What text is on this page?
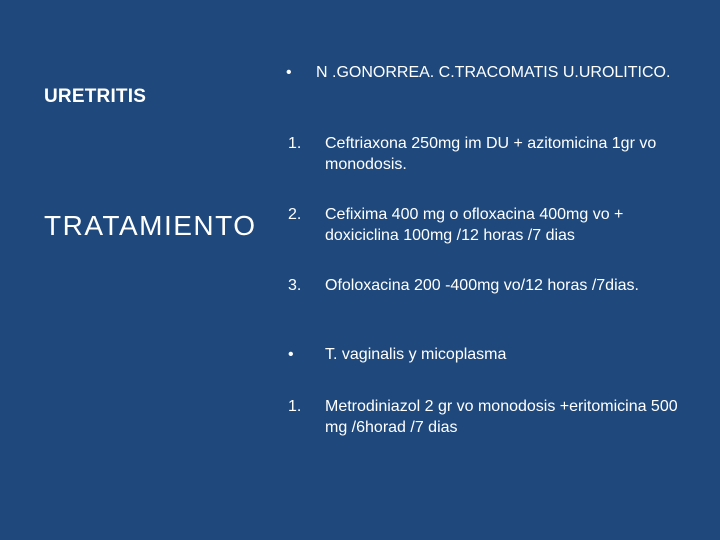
URETRITIS
TRATAMIENTO
• N .GONORREA. C.TRACOMATIS U.UROLITICO.
1. Ceftriaxona 250mg im DU + azitomicina 1gr vo monodosis.
2. Cefixima 400 mg o ofloxacina 400mg vo + doxiciclina 100mg /12 horas /7 dias
3. Ofoloxacina 200 -400mg vo/12 horas /7dias.
• T. vaginalis y micoplasma
1. Metrodiniazol 2 gr vo monodosis +eritomicina 500 mg /6horad /7 dias
